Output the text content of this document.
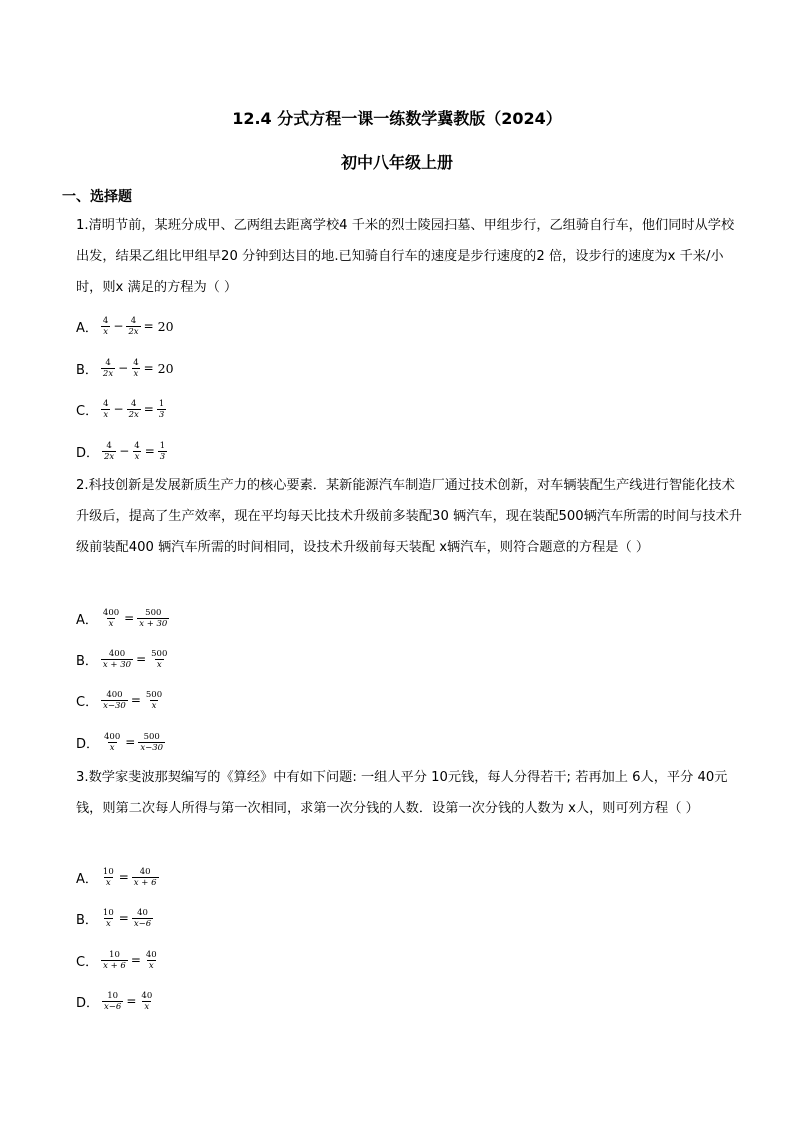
12.4 分式方程一课一练数学冀教版（2024）
初中八年级上册
一、选择题
1.清明节前，某班分成甲、乙两组去距离学校4 千米的烈士陵园扫墓、甲组步行，乙组骑自行车，他们同时从学校出发，结果乙组比甲组早20 分钟到达目的地.已知骑自行车的速度是步行速度的2 倍，设步行的速度为x 千米/小时，则x 满足的方程为（ ）
A． $\frac{4}{x} - \frac{4}{2x} = 20$
B． $\frac{4}{2x} - \frac{4}{x} = 20$
C． $\frac{4}{x} - \frac{4}{2x} = \frac{1}{3}$
D． $\frac{4}{2x} - \frac{4}{x} = \frac{1}{3}$
2.科技创新是发展新质生产力的核心要素．某新能源汽车制造厂通过技术创新，对车辆装配生产线进行智能化技术升级后，提高了生产效率，现在平均每天比技术升级前多装配30 辆汽车，现在装配500辆汽车所需的时间与技术升级前装配400 辆汽车所需的时间相同，设技术升级前每天装配 x辆汽车，则符合题意的方程是（ ）
A． $\frac{400}{x} = \frac{500}{x + 30}$
B． $\frac{400}{x + 30} = \frac{500}{x}$
C． $\frac{400}{x-30} = \frac{500}{x}$
D． $\frac{400}{x} = \frac{500}{x-30}$
3.数学家斐波那契编写的《算经》中有如下问题: 一组人平分 10元钱，每人分得若干; 若再加上 6人，平分 40元钱，则第二次每人所得与第一次相同，求第一次分钱的人数．设第一次分钱的人数为 x人，则可列方程（ ）
A． $\frac{10}{x} = \frac{40}{x + 6}$
B． $\frac{10}{x} = \frac{40}{x-6}$
C． $\frac{10}{x + 6} = \frac{40}{x}$
D． $\frac{10}{x-6} = \frac{40}{x}$
